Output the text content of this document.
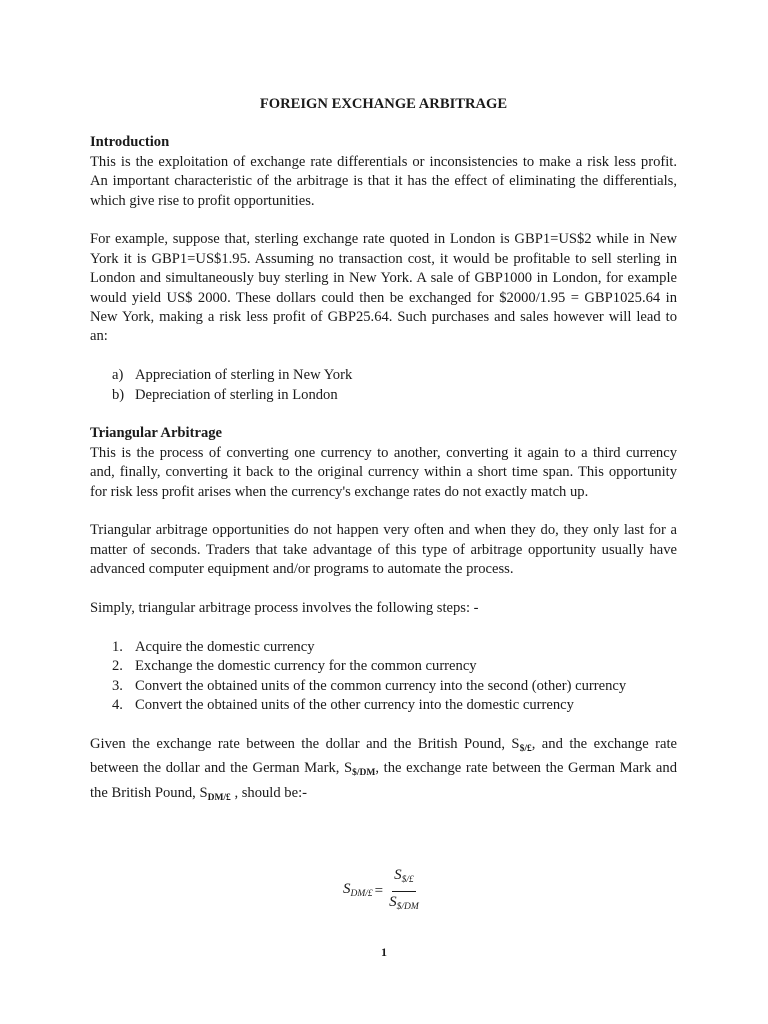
FOREIGN EXCHANGE ARBITRAGE
Introduction

This is the exploitation of exchange rate differentials or inconsistencies to make a risk less profit. An important characteristic of the arbitrage is that it has the effect of eliminating the differentials, which give rise to profit opportunities.

For example, suppose that, sterling exchange rate quoted in London is GBP1=US$2 while in New York it is GBP1=US$1.95. Assuming no transaction cost, it would be profitable to sell sterling in London and simultaneously buy sterling in New York. A sale of GBP1000 in London, for example would yield US$ 2000. These dollars could then be exchanged for $2000/1.95 = GBP1025.64 in New York, making a risk less profit of GBP25.64. Such purchases and sales however will lead to an:

a) Appreciation of sterling in New York
b) Depreciation of sterling in London
Triangular Arbitrage

This is the process of converting one currency to another, converting it again to a third currency and, finally, converting it back to the original currency within a short time span. This opportunity for risk less profit arises when the currency's exchange rates do not exactly match up.

Triangular arbitrage opportunities do not happen very often and when they do, they only last for a matter of seconds. Traders that take advantage of this type of arbitrage opportunity usually have advanced computer equipment and/or programs to automate the process.

Simply, triangular arbitrage process involves the following steps: -

1. Acquire the domestic currency
2. Exchange the domestic currency for the common currency
3. Convert the obtained units of the common currency into the second (other) currency
4. Convert the obtained units of the other currency into the domestic currency

Given the exchange rate between the dollar and the British Pound, $S_{\$/£}$, and the exchange rate between the dollar and the German Mark, $S_{\$/DM}$, the exchange rate between the German Mark and the British Pound, $S_{DM/£}$ , should be:-

$S_{DM/£} = \frac{S_{\$/£}}{S_{\$/DM}}$
1
